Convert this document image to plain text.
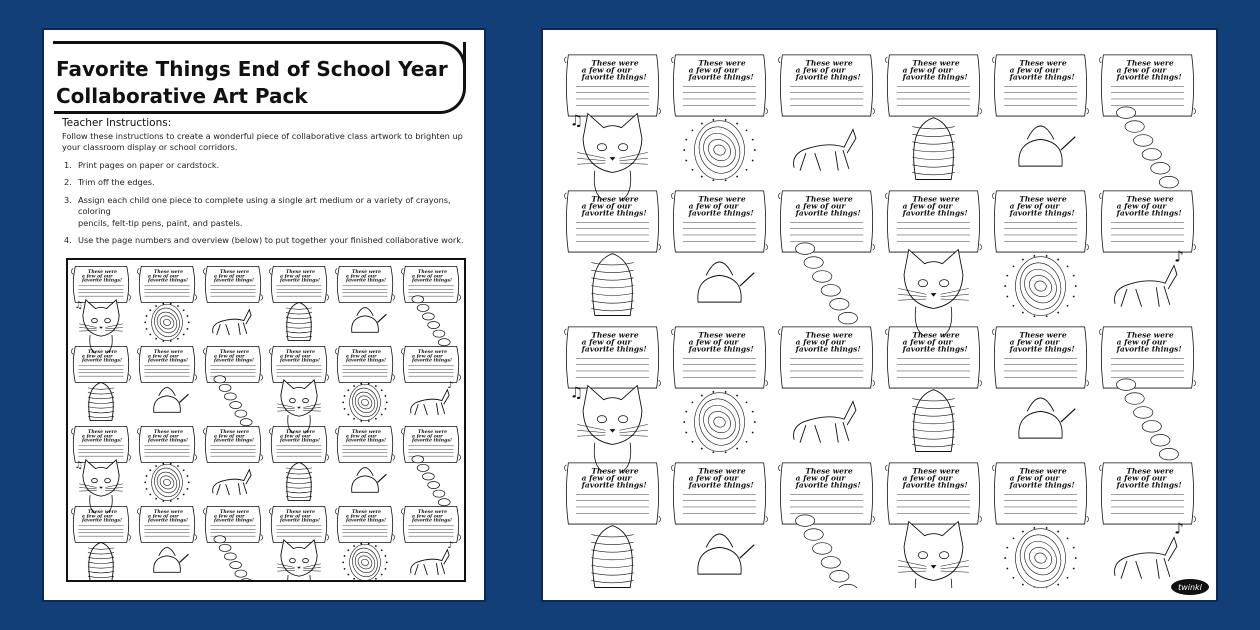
Favorite Things End of School Year
Collaborative Art Pack
Teacher Instructions:

Follow these instructions to create a wonderful piece of collaborative class artwork to brighten up
your classroom display or school corridors.

1. Print pages on paper or cardstock.
2. Trim off the edges.
3. Assign each child one piece to complete using a single art medium or a variety of crayons, coloring
pencils, felt-tip pens, paint, and pastels.
4. Use the page numbers and overview (below) to put together your finished collaborative work.
These were
a few of our
favorite things!
These were
a few of our
favorite things!
These were
a few of our
favorite things!
These were
a few of our
favorite things!
These were
a few of our
favorite things!
These were
a few of our
favorite things!
These were
a few of our
favorite things!
These were
a few of our
favorite things!
These were
a few of our
favorite things!
These were
a few of our
favorite things!
These were
a few of our
favorite things!
These were
a few of our
favorite things!
These were
a few of our
favorite things!
These were
a few of our
favorite things!
These were
a few of our
favorite things!
These were
a few of our
favorite things!
These were
a few of our
favorite things!
These were
a few of our
favorite things!
These were
a few of our
favorite things!
These were
a few of our
favorite things!
These were
a few of our
favorite things!
These were
a few of our
favorite things!
These were
a few of our
favorite things!
These were
a few of our
favorite things!
♫
♪
♫
♪
These were
a few of our
favorite things!
These were
a few of our
favorite things!
These were
a few of our
favorite things!
These were
a few of our
favorite things!
These were
a few of our
favorite things!
These were
a few of our
favorite things!
These were
a few of our
favorite things!
These were
a few of our
favorite things!
These were
a few of our
favorite things!
These were
a few of our
favorite things!
These were
a few of our
favorite things!
These were
a few of our
favorite things!
These were
a few of our
favorite things!
These were
a few of our
favorite things!
These were
a few of our
favorite things!
These were
a few of our
favorite things!
These were
a few of our
favorite things!
These were
a few of our
favorite things!
These were
a few of our
favorite things!
These were
a few of our
favorite things!
These were
a few of our
favorite things!
These were
a few of our
favorite things!
These were
a few of our
favorite things!
These were
a few of our
favorite things!
♫
♪
♫
♪
twinkl
